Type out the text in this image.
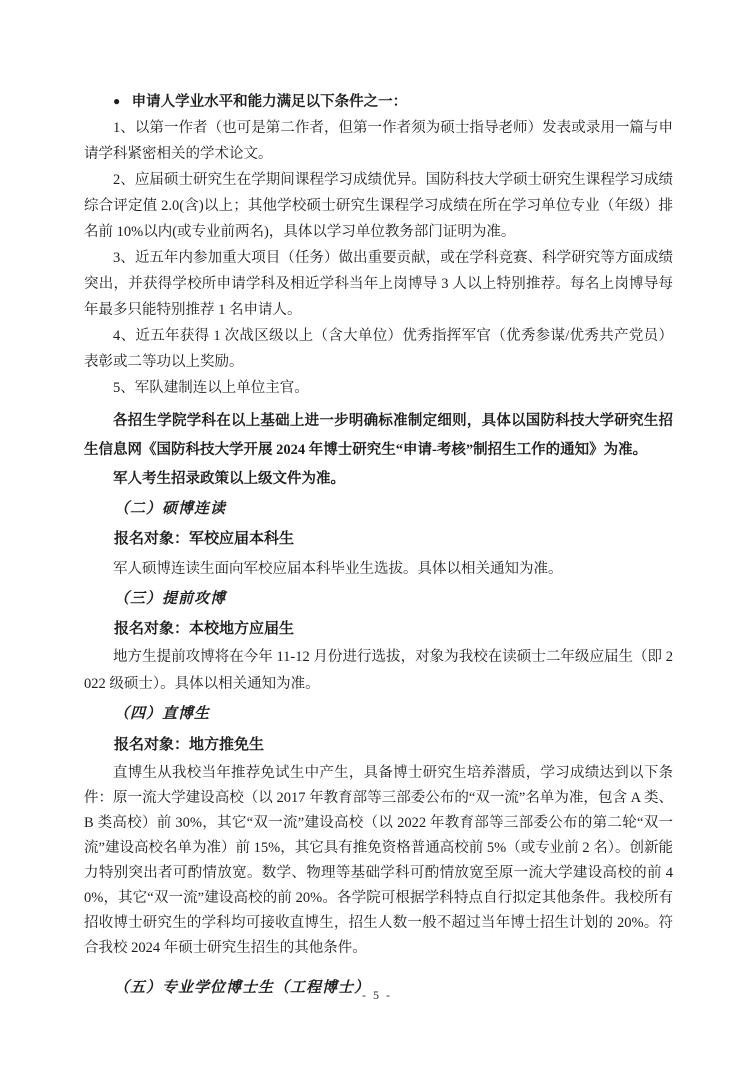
● 申请人学业水平和能力满足以下条件之一：

1、以第一作者（也可是第二作者，但第一作者须为硕士指导老师）发表或录用一篇与申请学科紧密相关的学术论文。

2、应届硕士研究生在学期间课程学习成绩优异。国防科技大学硕士研究生课程学习成绩综合评定值 2.0(含)以上；其他学校硕士研究生课程学习成绩在所在学习单位专业（年级）排名前 10%以内(或专业前两名)，具体以学习单位教务部门证明为准。

3、近五年内参加重大项目（任务）做出重要贡献，或在学科竞赛、科学研究等方面成绩突出，并获得学校所申请学科及相近学科当年上岗博导 3 人以上特别推荐。每名上岗博导每年最多只能特别推荐 1 名申请人。

4、近五年获得 1 次战区级以上（含大单位）优秀指挥军官（优秀参谋/优秀共产党员）表彰或二等功以上奖励。

5、军队建制连以上单位主官。

各招生学院学科在以上基础上进一步明确标准制定细则，具体以国防科技大学研究生招生信息网《国防科技大学开展 2024 年博士研究生“申请-考核”制招生工作的通知》为准。

军人考生招录政策以上级文件为准。

（二）硕博连读

报名对象：军校应届本科生

军人硕博连读生面向军校应届本科毕业生选拔。具体以相关通知为准。

（三）提前攻博

报名对象：本校地方应届生

地方生提前攻博将在今年 11-12 月份进行选拔，对象为我校在读硕士二年级应届生（即 2022 级硕士）。具体以相关通知为准。

（四）直博生

报名对象：地方推免生

直博生从我校当年推荐免试生中产生，具备博士研究生培养潜质，学习成绩达到以下条件：原一流大学建设高校（以 2017 年教育部等三部委公布的“双一流”名单为准，包含 A 类、B 类高校）前 30%，其它“双一流”建设高校（以 2022 年教育部等三部委公布的第二轮“双一流”建设高校名单为准）前 15%，其它具有推免资格普通高校前 5%（或专业前 2 名）。创新能力特别突出者可酌情放宽。数学、物理等基础学科可酌情放宽至原一流大学建设高校的前 40%，其它“双一流”建设高校的前 20%。各学院可根据学科特点自行拟定其他条件。我校所有招收博士研究生的学科均可接收直博生，招生人数一般不超过当年博士招生计划的 20%。符合我校 2024 年硕士研究生招生的其他条件。

（五）专业学位博士生（工程博士）

- 5 -
